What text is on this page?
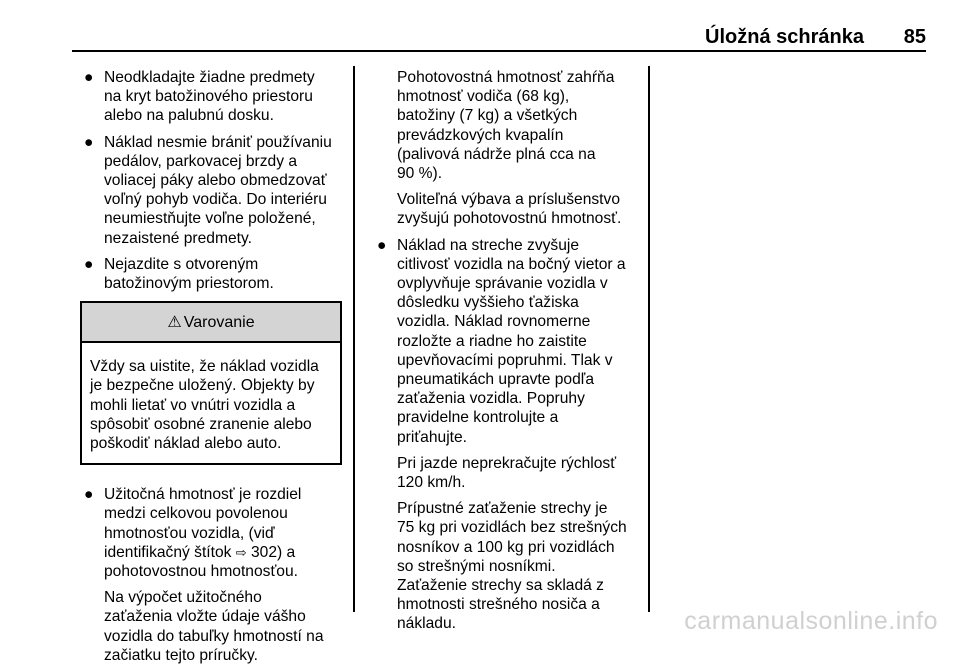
Úložná schránka 85
● Neodkladajte žiadne predmety
na kryt batožinového priestoru
alebo na palubnú dosku.
● Náklad nesmie brániť používaniu
pedálov, parkovacej brzdy a
voliacej páky alebo obmedzovať
voľný pohyb vodiča. Do interiéru
neumiestňujte voľne položené,
nezaistené predmety.
● Nejazdite s otvoreným
batožinovým priestorom.
⚠ Varovanie
Vždy sa uistite, že náklad vozidla
je bezpečne uložený. Objekty by
mohli lietať vo vnútri vozidla a
spôsobiť osobné zranenie alebo
poškodiť náklad alebo auto.
● Užitočná hmotnosť je rozdiel
medzi celkovou povolenou
hmotnosťou vozidla, (viď
identifikačný štítok ⇨ 302) a
pohotovostnou hmotnosťou.
Na výpočet užitočného
zaťaženia vložte údaje vášho
vozidla do tabuľky hmotností na
začiatku tejto príručky.
Pohotovostná hmotnosť zahŕňa
hmotnosť vodiča (68 kg),
batožiny (7 kg) a všetkých
prevádzkových kvapalín
(palivová nádrže plná cca na
90 %).
Voliteľná výbava a príslušenstvo
zvyšujú pohotovostnú hmotnosť.
● Náklad na streche zvyšuje
citlivosť vozidla na bočný vietor a
ovplyvňuje správanie vozidla v
dôsledku vyššieho ťažiska
vozidla. Náklad rovnomerne
rozložte a riadne ho zaistite
upevňovacími popruhmi. Tlak v
pneumatikách upravte podľa
zaťaženia vozidla. Popruhy
pravidelne kontrolujte a
priťahujte.
Pri jazde neprekračujte rýchlosť
120 km/h.
Prípustné zaťaženie strechy je
75 kg pri vozidlách bez strešných
nosníkov a 100 kg pri vozidlách
so strešnými nosníkmi.
Zaťaženie strechy sa skladá z
hmotnosti strešného nosiča a
nákladu.	carmanualsonline.info
